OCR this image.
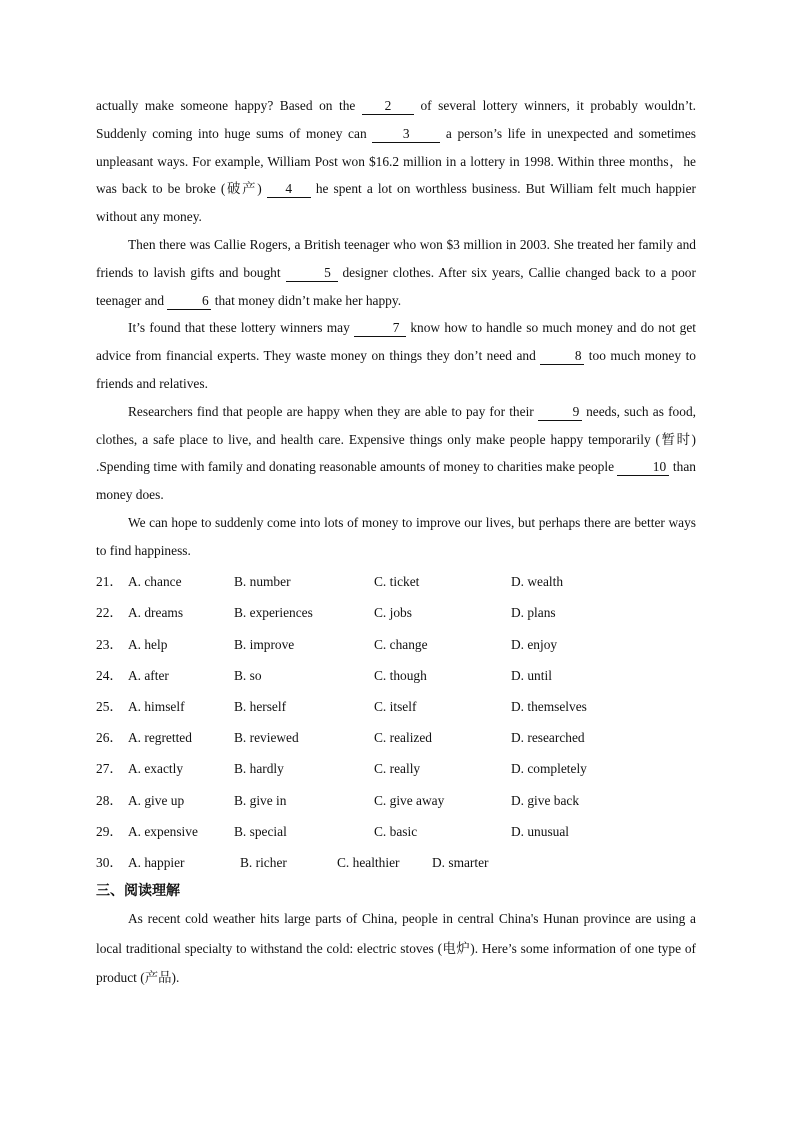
actually make someone happy? Based on the 2 of several lottery winners, it probably wouldn’t. Suddenly coming into huge sums of money can	3	a person’s life in unexpected and sometimes unpleasant ways. For example, William Post won $16.2 million in a lottery in 1998. Within three months，he was back to be broke (破产) 4 he spent a lot on worthless business. But William felt much happier without any money.

Then there was Callie Rogers, a British teenager who won $3 million in 2003. She treated her family and friends to lavish gifts and bought	5 designer clothes. After six years, Callie changed back to a poor teenager and	6 that money didn’t make her happy.

It’s found that these lottery winners may	7 know how to handle so much money and do not get advice from financial experts. They waste money on things they don’t need and	8 too much money to friends and relatives.

Researchers find that people are happy when they are able to pay for their	9 needs, such as food, clothes, a safe place to live, and health care. Expensive things only make people happy temporarily (暂时) .Spending time with family and donating reasonable amounts of money to charities make people	10 than money does.

We can hope to suddenly come into lots of money to improve our lives, but perhaps there are better ways to find happiness.

21． A. chance	B. number	C. ticket	D. wealth
22． A. dreams	B. experiences	C. jobs	D. plans
23． A. help	B. improve	C. change	D. enjoy
24． A. after	B. so	C. though	D. until
25． A. himself	B. herself	C. itself	D. themselves
26． A. regretted	B. reviewed	C. realized	D. researched
27． A. exactly	B. hardly	C. really	D. completely
28． A. give up	B. give in	C. give away	D. give back
29． A. expensive	B. special	C. basic	D. unusual
30． A. happier	B. richer	C. healthier	D. smarter
三、阅读理解

As recent cold weather hits large parts of China, people in central China's Hunan province are using a local traditional specialty to withstand the cold: electric stoves (电炉). Here’s some information of one type of product (产品).
